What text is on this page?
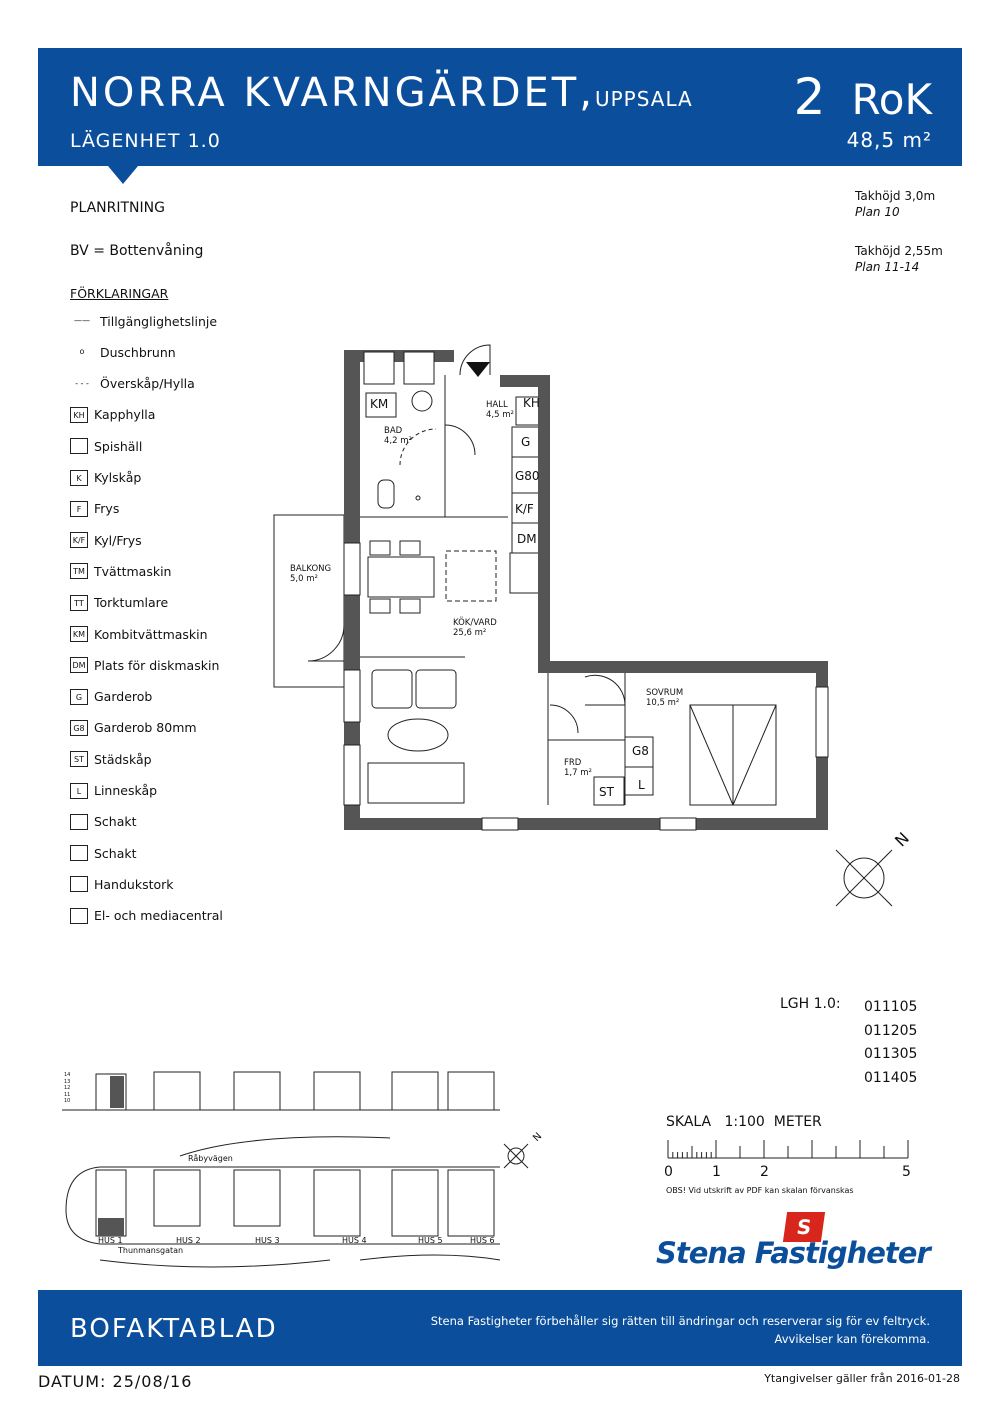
NORRA KVARNGÄRDET,UPPSALA
LÄGENHET 1.0
2 RoK
48,5 m²
PLANRITNING
BV = Bottenvåning
FÖRKLARINGAR
—— Tillgänglighetslinje
o	Duschbrunn
- - - Överskåp/Hylla
KH Kapphylla
Spishäll
K Kylskåp
F	Frys
K/F Kyl/Frys
TM Tvättmaskin
TT Torktumlare
KM Kombitvättmaskin
DM Plats för diskmaskin
G Garderob
G8 Garderob 80mm
ST Städskåp
L	Linneskåp
Schakt
Schakt
Handukstork
El- och mediacentral
Takhöjd 3,0m
Plan 10
Takhöjd 2,55m
Plan 11-14
BAD
4,2 m²
HALL
4,5 m²
BALKONG
5,0 m²
KÖK/VARD
25,6 m²
SOVRUM
10,5 m²
FRD
1,7 m²
KM	KH
G
G80
K/F
DM
G8
L
ST
N
LGH 1.0: 011105
011205
011305
011405
14
13
12
11
10
N
Råbyvägen
Thunmansgatan
HUS 1	HUS 2	HUS 3	HUS 4	HUS 5	HUS 6
SKALA 1:100 METER
0	1	2	5
OBS! Vid utskrift av PDF kan skalan förvanskas
S
Stena Fastigheter
BOFAKTABLAD	Stena Fastigheter förbehåller sig rätten till ändringar och reserverar sig för ev feltryck.
Avvikelser kan förekomma.
DATUM: 25/08/16	Ytangivelser gäller från 2016-01-28
